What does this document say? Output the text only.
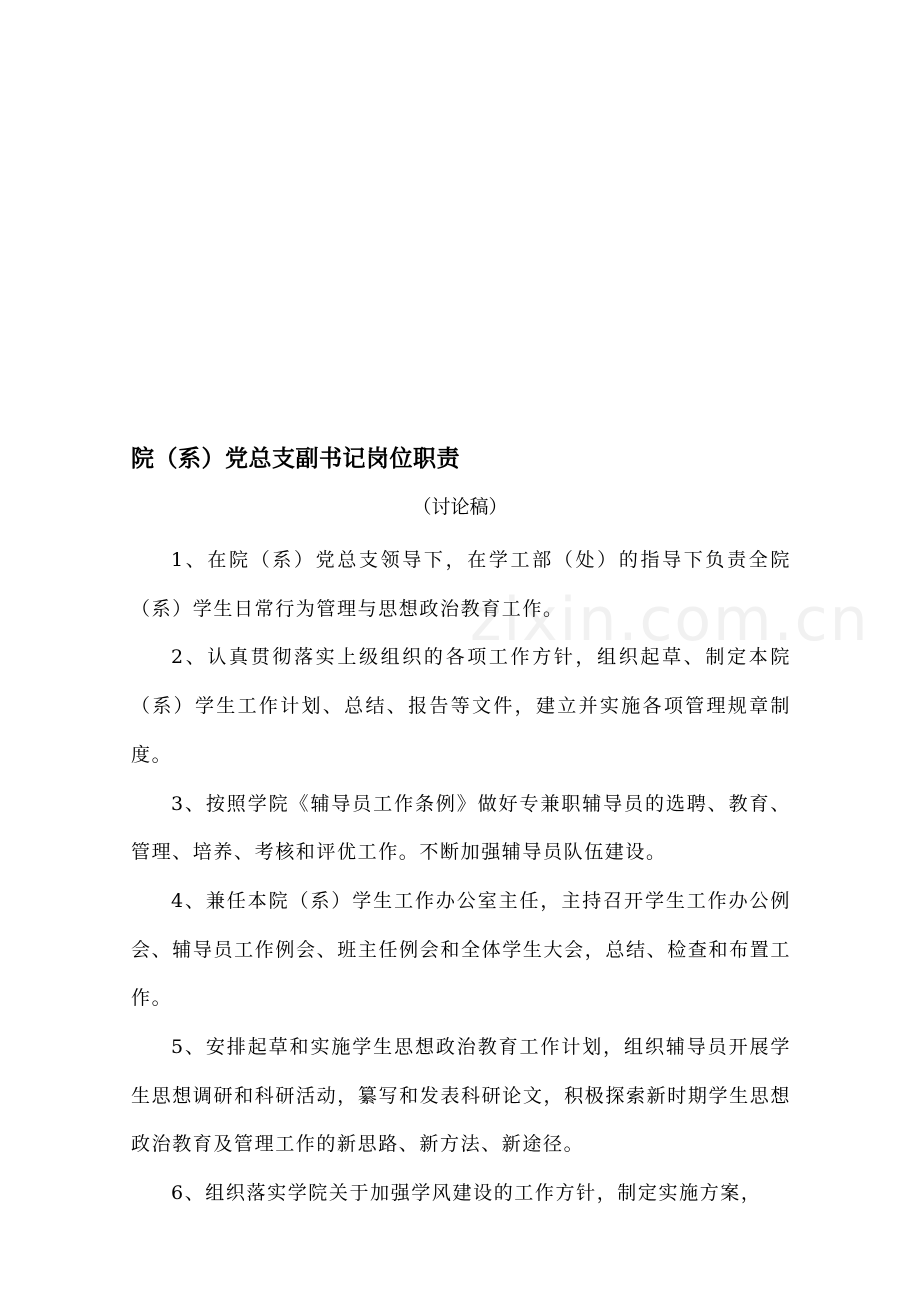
zixin.com.cn
院（系）党总支副书记岗位职责
（讨论稿）

1、在院（系）党总支领导下，在学工部（处）的指导下负责全院（系）学生日常行为管理与思想政治教育工作。

2、认真贯彻落实上级组织的各项工作方针，组织起草、制定本院（系）学生工作计划、总结、报告等文件，建立并实施各项管理规章制度。

3、按照学院《辅导员工作条例》做好专兼职辅导员的选聘、教育、管理、培养、考核和评优工作。不断加强辅导员队伍建设。

4、兼任本院（系）学生工作办公室主任，主持召开学生工作办公例会、辅导员工作例会、班主任例会和全体学生大会，总结、检查和布置工作。

5、安排起草和实施学生思想政治教育工作计划，组织辅导员开展学生思想调研和科研活动，纂写和发表科研论文，积极探索新时期学生思想政治教育及管理工作的新思路、新方法、新途径。

6、组织落实学院关于加强学风建设的工作方针，制定实施方案，
